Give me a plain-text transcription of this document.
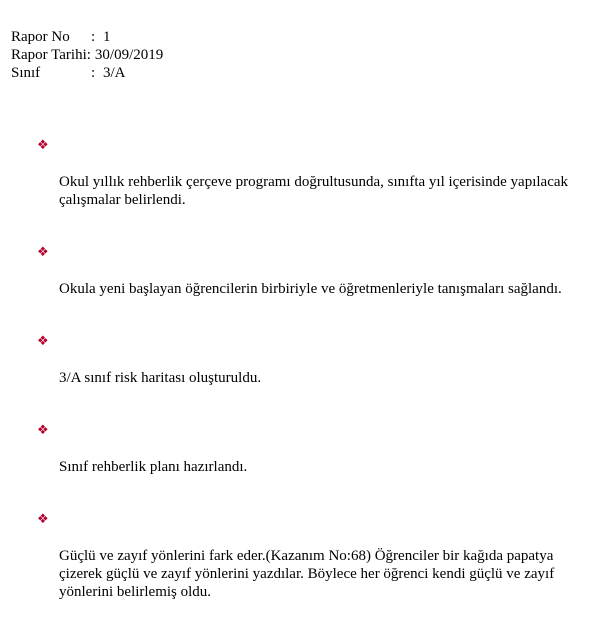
Rapor No	: 1
Rapor Tarihi: 30/09/2019
Sınıf	: 3/A

❖

Okul yıllık rehberlik çerçeve programı doğrultusunda, sınıfta yıl içerisinde yapılacak
çalışmalar belirlendi.

❖

Okula yeni başlayan öğrencilerin birbiriyle ve öğretmenleriyle tanışmaları sağlandı.

❖

3/A sınıf risk haritası oluşturuldu.

❖

Sınıf rehberlik planı hazırlandı.

❖

Güçlü ve zayıf yönlerini fark eder.(Kazanım No:68) Öğrenciler bir kağıda papatya
çizerek güçlü ve zayıf yönlerini yazdılar. Böylece her öğrenci kendi güçlü ve zayıf
yönlerini belirlemiş oldu.
